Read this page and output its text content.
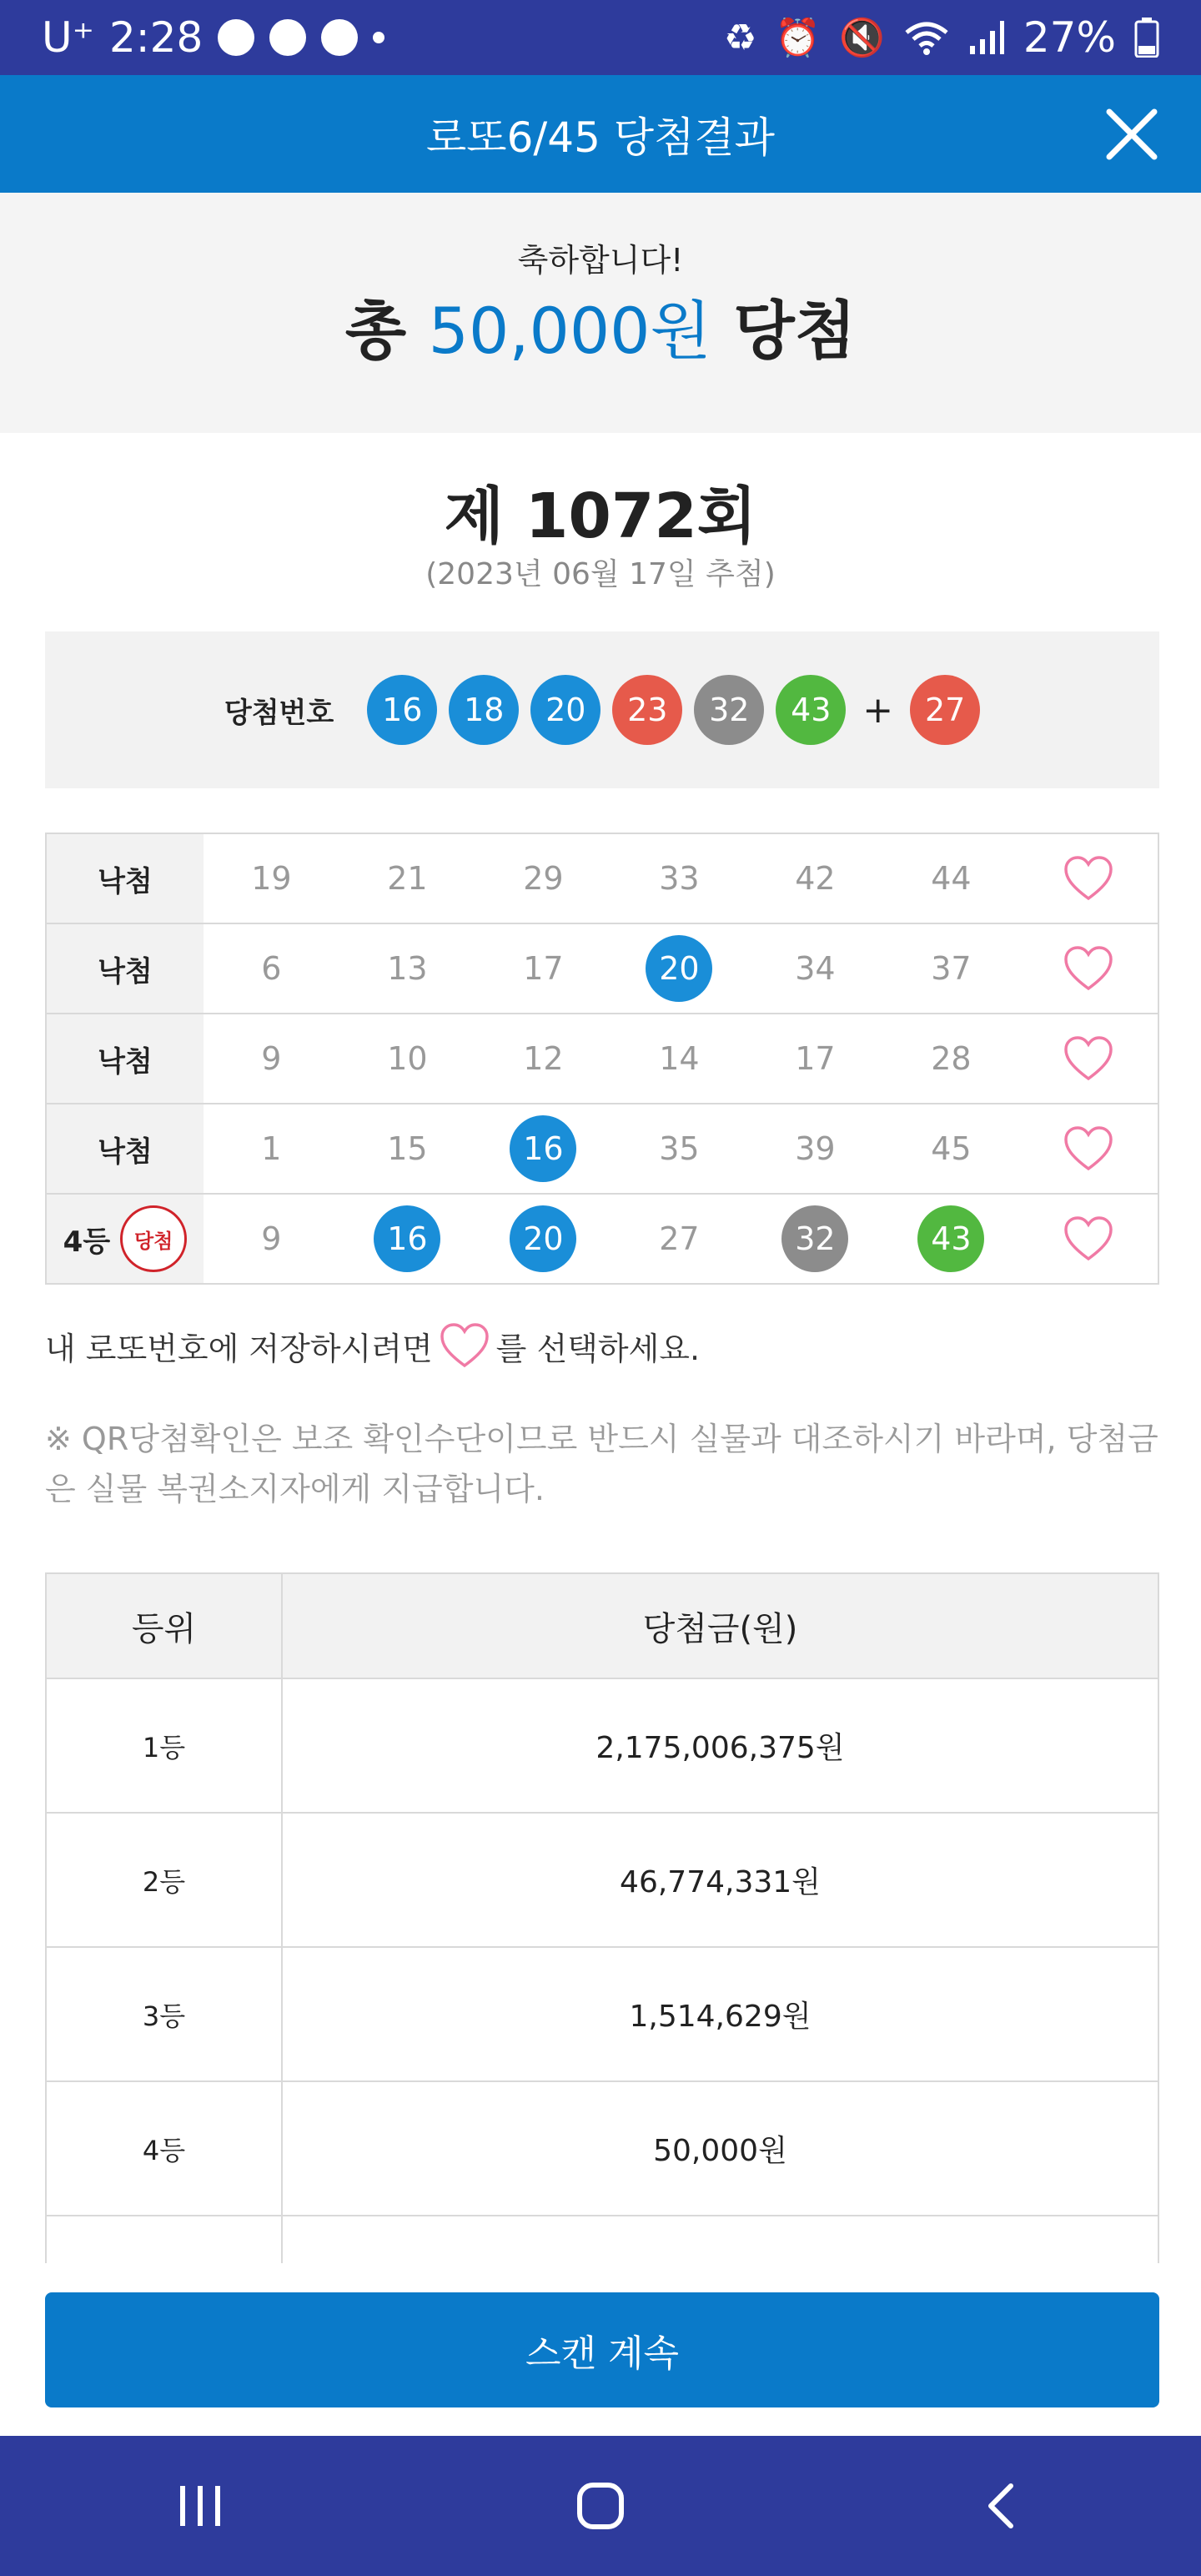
U⁺ 2:28	♻ ⏰ 🔇	27%
로또6/45 당첨결과
축하합니다!
총 50,000원 당첨
제 1072회
(2023년 06월 17일 추첨)
당첨번호	16	18	20	23	32	43 + 27
낙첨	19	21	29	33	42	44
낙첨	6	13	17	20	34	37
낙첨	9	10	12	14	17	28
낙첨	1	15	16	35	39	45
4등	당첨	9	16	20	27	32	43
내 로또번호에 저장하시려면 를 선택하세요.
※ QR당첨확인은 보조 확인수단이므로 반드시 실물과 대조하시기 바라며, 당첨금은 실물 복권소지자에게 지급합니다.
등위	당첨금(원)
1등	2,175,006,375원
2등	46,774,331원
3등	1,514,629원
4등	50,000원
스캔 계속
